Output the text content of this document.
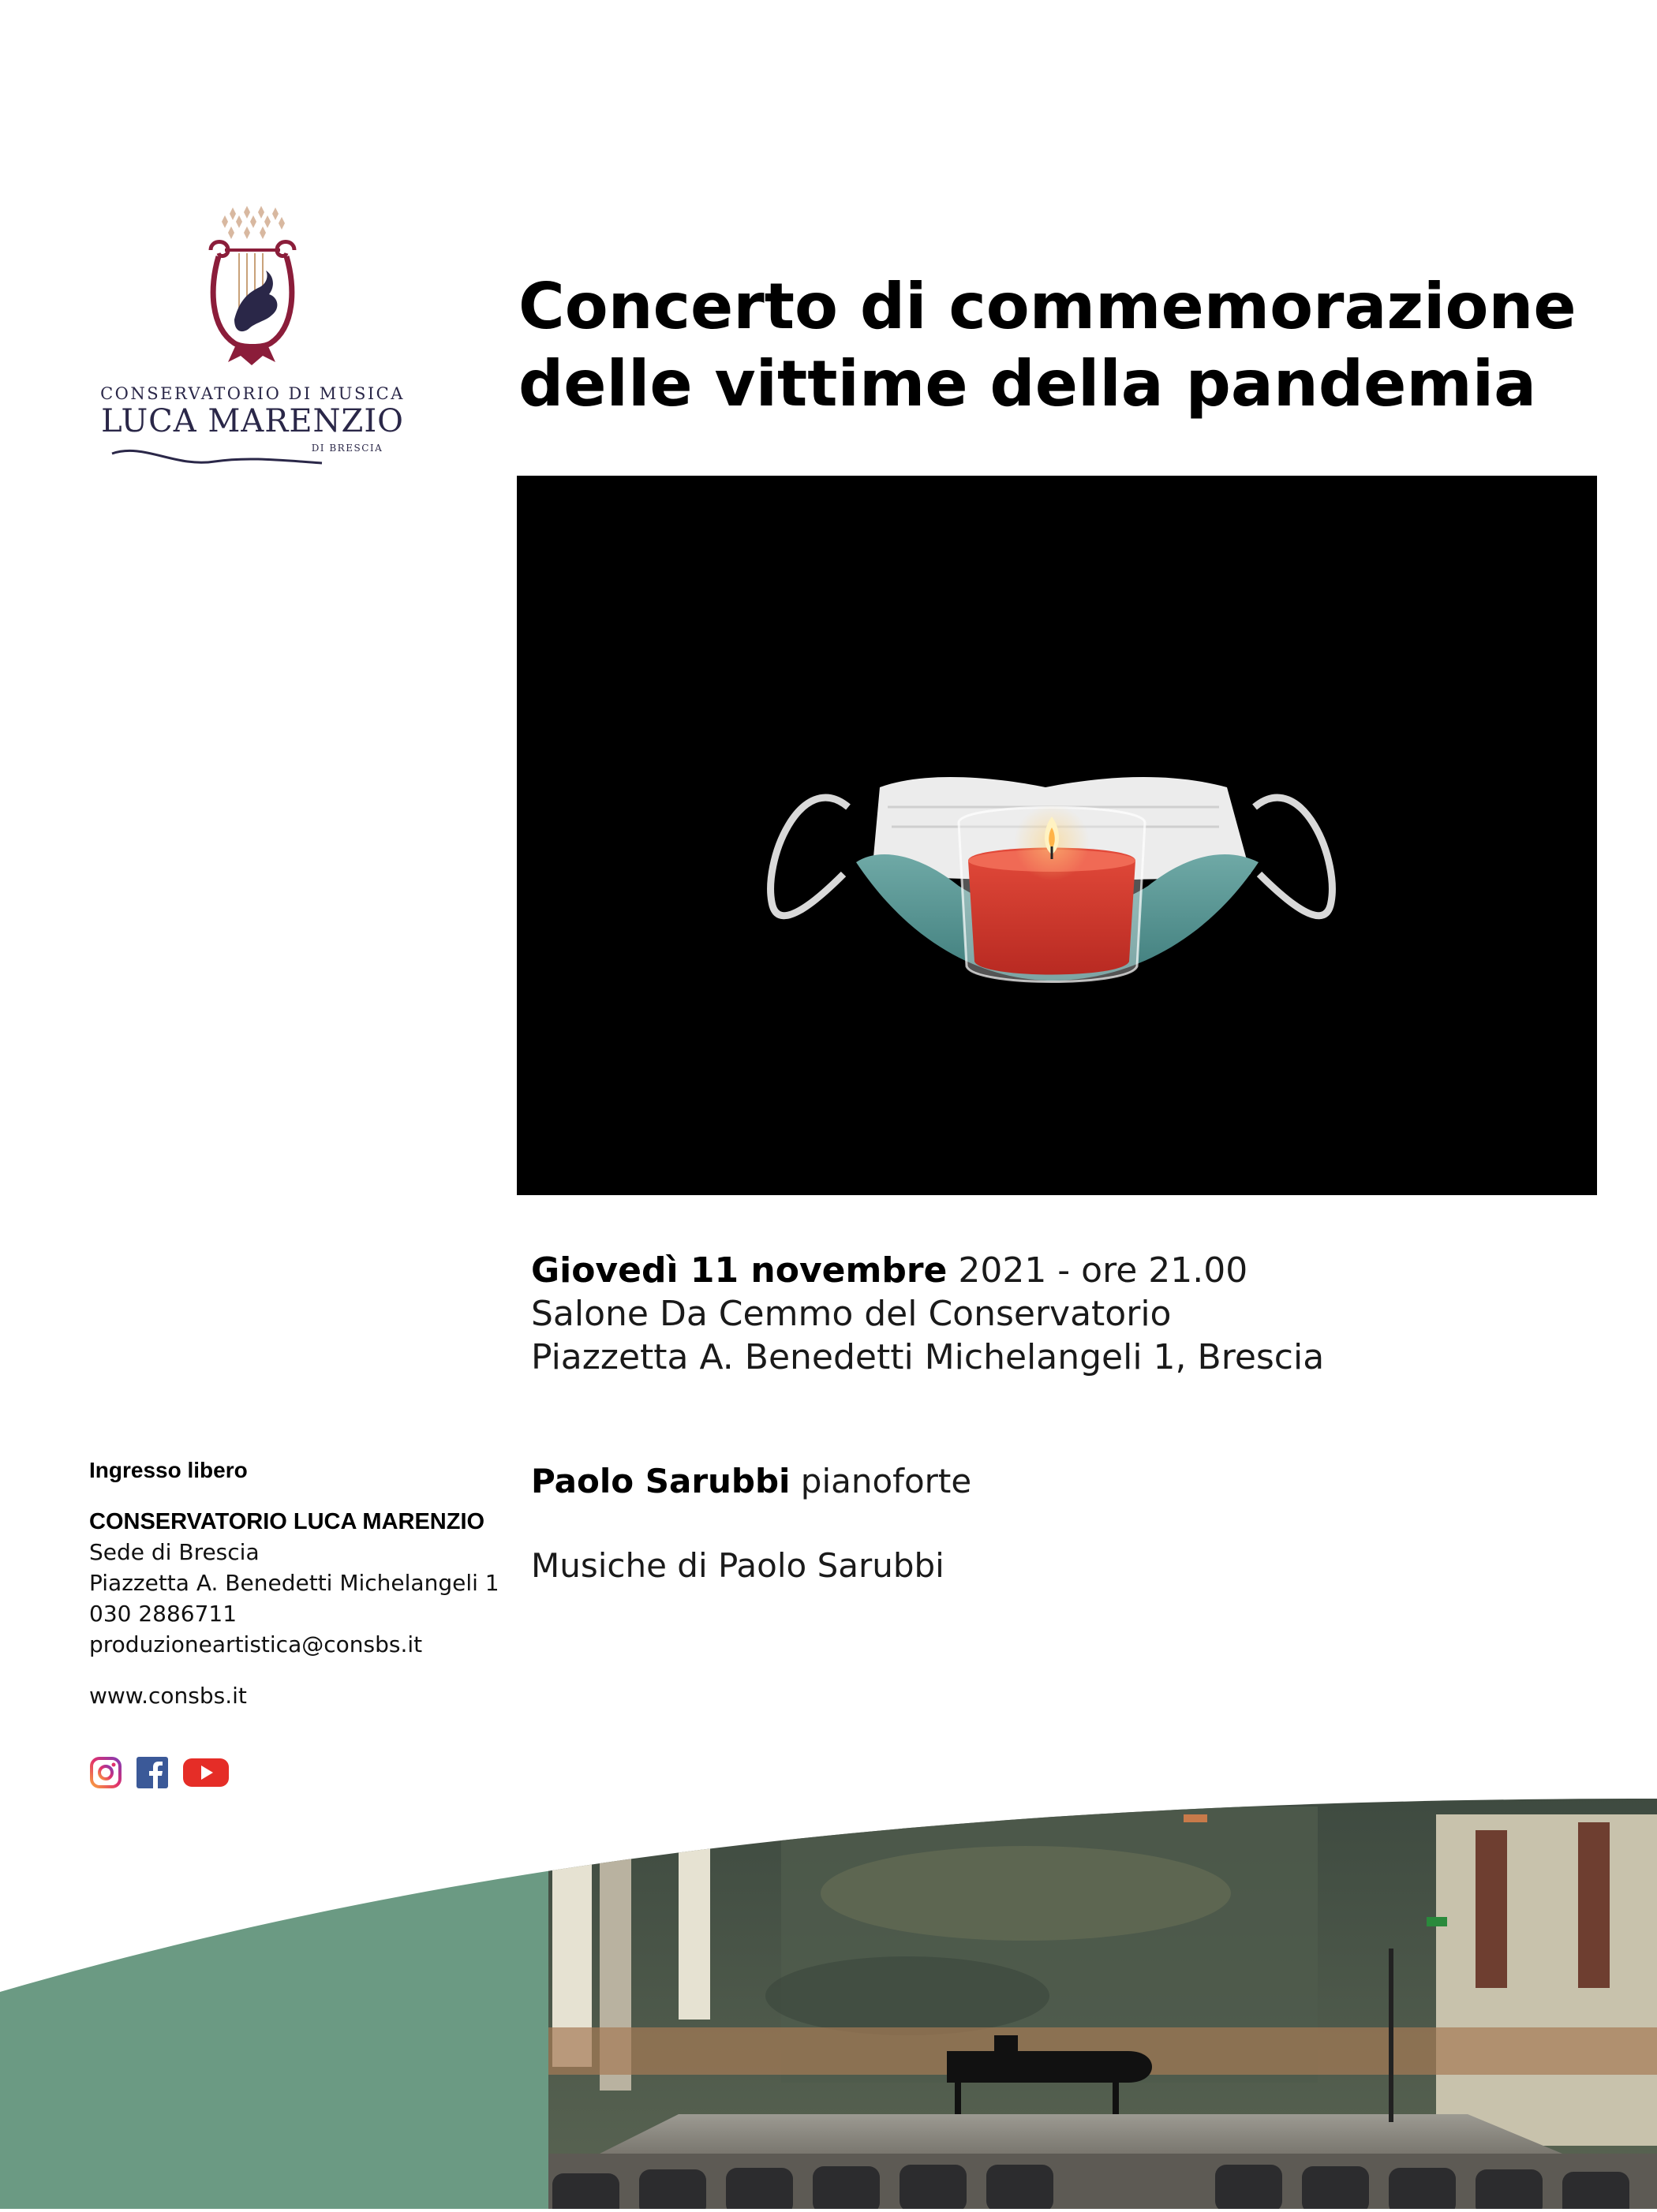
CONSERVATORIO DI MUSICA
LUCA MARENZIO
DI BRESCIA
Concerto di commemorazione
delle vittime della pandemia
Giovedì 11 novembre 2021 - ore 21.00
Salone Da Cemmo del Conservatorio
Piazzetta A. Benedetti Michelangeli 1, Brescia
Paolo Sarubbi pianoforte
Musiche di Paolo Sarubbi
Ingresso libero
CONSERVATORIO LUCA MARENZIO
Sede di Brescia
Piazzetta A. Benedetti Michelangeli 1
030 2886711
produzioneartistica@consbs.it
www.consbs.it
